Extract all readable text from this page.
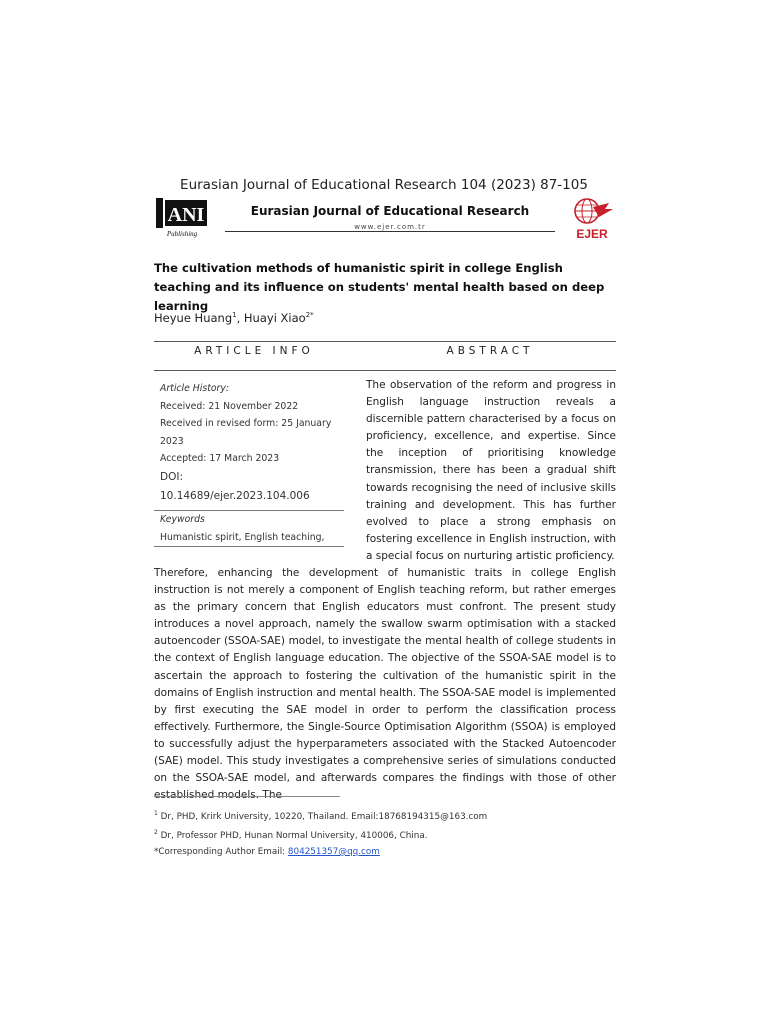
Eurasian Journal of Educational Research 104 (2023) 87-105
ANI
Publishing
Eurasian Journal of Educational Research
www.ejer.com.tr	EJER
The cultivation methods of humanistic spirit in college English teaching and its influence on students' mental health based on deep learning
Heyue Huang$^1$, Huayi Xiao$^{2*}$
ARTICLE INFO	ABSTRACT
Article History:
Received: 21 November 2022
Received in revised form: 25 January 2023
Accepted: 17 March 2023
DOI:
10.14689/ejer.2023.104.006
Keywords
Humanistic spirit, English teaching,
The observation of the reform and progress in English language instruction reveals a discernible pattern characterised by a focus on proficiency, excellence, and expertise. Since the inception of prioritising knowledge transmission, there has been a gradual shift towards recognising the need of inclusive skills training and development. This has further evolved to place a strong emphasis on fostering excellence in English instruction, with a special focus on nurturing artistic proficiency.
Therefore, enhancing the development of humanistic traits in college English instruction is not merely a component of English teaching reform, but rather emerges as the primary concern that English educators must confront. The present study introduces a novel approach, namely the swallow swarm optimisation with a stacked autoencoder (SSOA-SAE) model, to investigate the mental health of college students in the context of English language education. The objective of the SSOA-SAE model is to ascertain the approach to fostering the cultivation of the humanistic spirit in the domains of English instruction and mental health. The SSOA-SAE model is implemented by first executing the SAE model in order to perform the classification process effectively. Furthermore, the Single-Source Optimisation Algorithm (SSOA) is employed to successfully adjust the hyperparameters associated with the Stacked Autoencoder (SAE) model. This study investigates a comprehensive series of simulations conducted on the SSOA-SAE model, and afterwards compares the findings with those of other established models. The
$^1$ Dr, PHD, Krirk University, 10220, Thailand. Email:18768194315@163.com
$^2$ Dr, Professor PHD, Hunan Normal University, 410006, China.
*Corresponding Author Email: 804251357@qq.com
